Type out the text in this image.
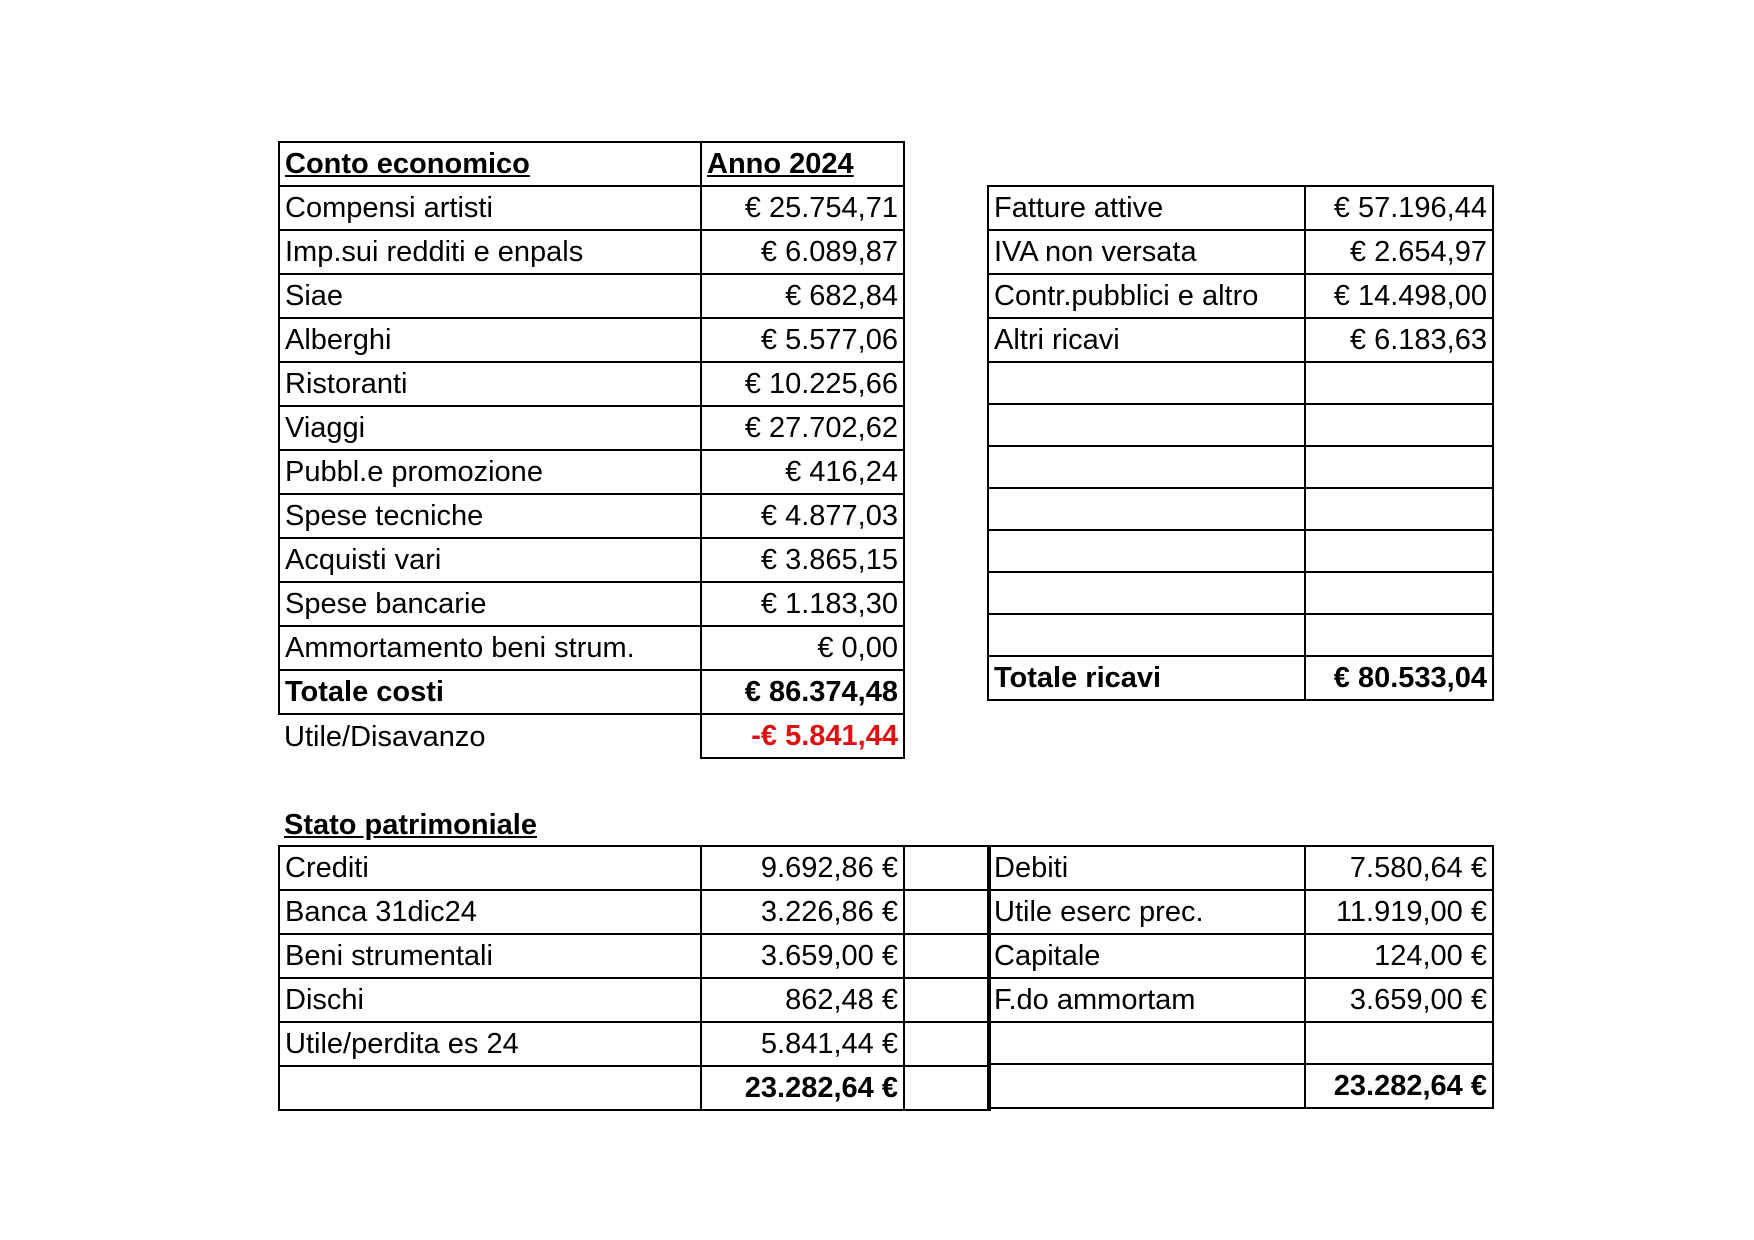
Conto economico	Anno 2024
Compensi artisti	€ 25.754,71
Imp.sui redditi e enpals	€ 6.089,87
Siae	€ 682,84
Alberghi	€ 5.577,06
Ristoranti	€ 10.225,66
Viaggi	€ 27.702,62
Pubbl.e promozione	€ 416,24
Spese tecniche	€ 4.877,03
Acquisti vari	€ 3.865,15
Spese bancarie	€ 1.183,30
Ammortamento beni strum.	€ 0,00
Totale costi	€ 86.374,48
Utile/Disavanzo	-€ 5.841,44
Fatture attive	€ 57.196,44
IVA non versata	€ 2.654,97
Contr.pubblici e altro	€ 14.498,00
Altri ricavi	€ 6.183,63

Totale ricavi	€ 80.533,04
Stato patrimoniale
Crediti	9.692,86 €	
Banca 31dic24	3.226,86 €	
Beni strumentali	3.659,00 €	
Dischi	862,48 €	
Utile/perdita es 24	5.841,44 €	
	23.282,64 €	
Debiti	7.580,64 €
Utile eserc prec.	11.919,00 €
Capitale	124,00 €
F.do ammortam	3.659,00 €

	23.282,64 €
